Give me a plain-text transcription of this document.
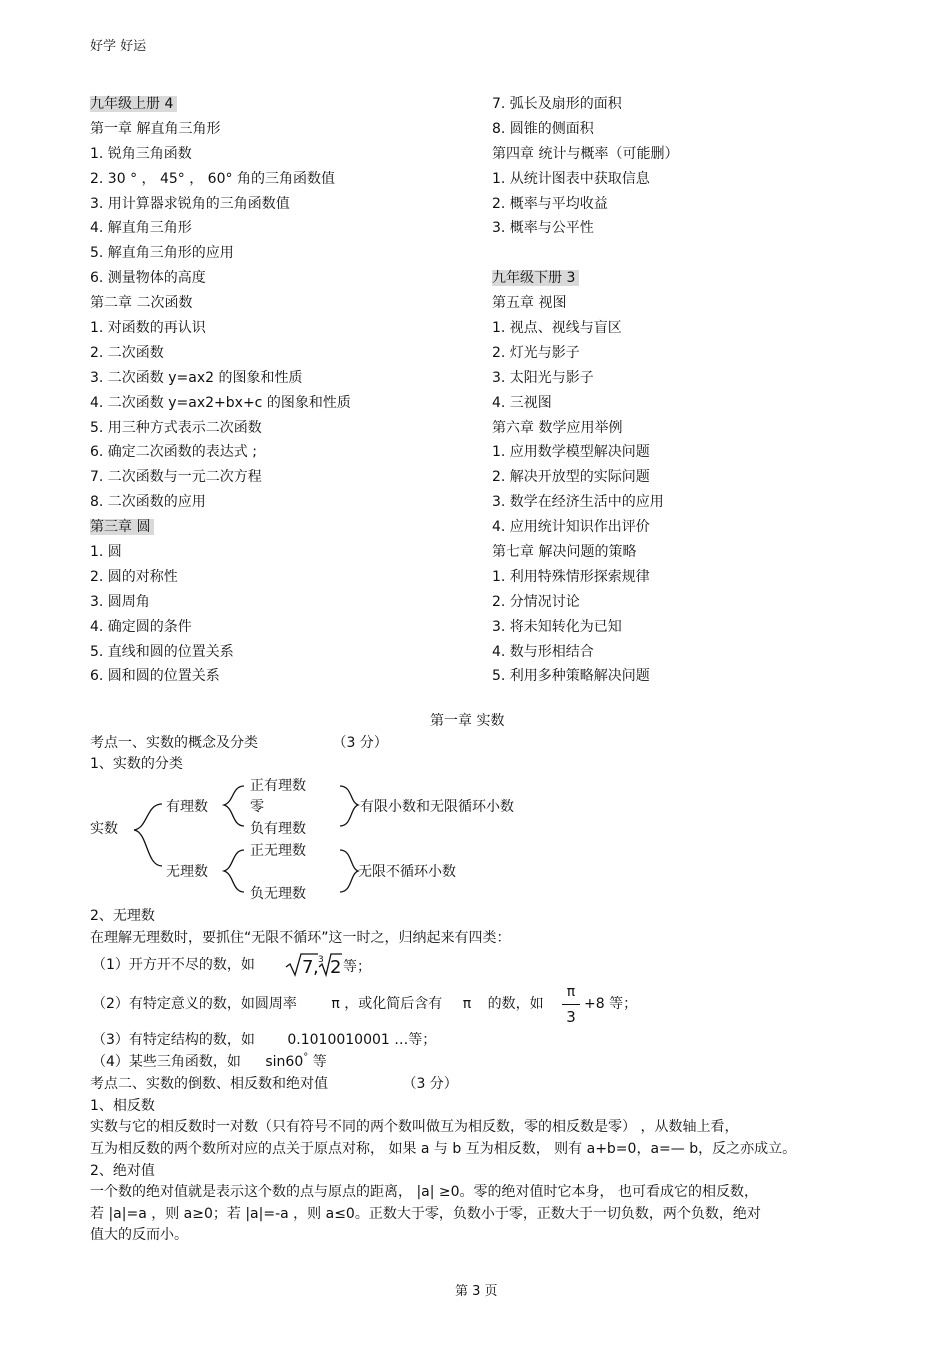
好学 好运
九年级上册 4
第一章 解直角三角形
1. 锐角三角函数
2. 30 ° ， 45° ， 60° 角的三角函数值
3. 用计算器求锐角的三角函数值
4. 解直角三角形
5. 解直角三角形的应用
6. 测量物体的高度
第二章 二次函数
1. 对函数的再认识
2. 二次函数
3. 二次函数 y=ax2 的图象和性质
4. 二次函数 y=ax2+bx+c 的图象和性质
5. 用三种方式表示二次函数
6. 确定二次函数的表达式 ;
7. 二次函数与一元二次方程
8. 二次函数的应用
第三章 圆
1. 圆
2. 圆的对称性
3. 圆周角
4. 确定圆的条件
5. 直线和圆的位置关系
6. 圆和圆的位置关系
7. 弧长及扇形的面积
8. 圆锥的侧面积
第四章 统计与概率（可能删）
1. 从统计图表中获取信息
2. 概率与平均收益
3. 概率与公平性
九年级下册 3
第五章 视图
1. 视点、视线与盲区
2. 灯光与影子
3. 太阳光与影子
4. 三视图
第六章 数学应用举例
1. 应用数学模型解决问题
2. 解决开放型的实际问题
3. 数学在经济生活中的应用
4. 应用统计知识作出评价
第七章 解决问题的策略
1. 利用特殊情形探索规律
2. 分情况讨论
3. 将未知转化为已知
4. 数与形相结合
5. 利用多种策略解决问题
第一章 实数
考点一、实数的概念及分类	（3 分）
1、实数的分类
实数
有理数
正有理数
零
负有理数
有限小数和无限循环小数
无理数
正无理数
负无理数
无限不循环小数
2、无理数
在理解无理数时，要抓住“无限不循环”这一时之，归纳起来有四类：
（1）开方开不尽的数，如	7 , 3 2 等；
（2）有特定意义的数，如圆周率 π ，或化简后含有 π 的数，如
π
3
+8 等；
（3）有特定结构的数，如 0.1010010001 …等；
（4）某些三角函数，如 sin60° 等
考点二、实数的倒数、相反数和绝对值	（3 分）
1、相反数
实数与它的相反数时一对数（只有符号不同的两个数叫做互为相反数，零的相反数是零） ，从数轴上看，
互为相反数的两个数所对应的点关于原点对称， 如果 a 与 b 互为相反数， 则有 a+b=0，a=— b，反之亦成立。
2、绝对值
一个数的绝对值就是表示这个数的点与原点的距离， |a| ≥0。零的绝对值时它本身， 也可看成它的相反数，
若 |a|=a ，则 a≥0；若 |a|=-a ，则 a≤0。正数大于零，负数小于零，正数大于一切负数，两个负数，绝对
值大的反而小。
第 3 页
